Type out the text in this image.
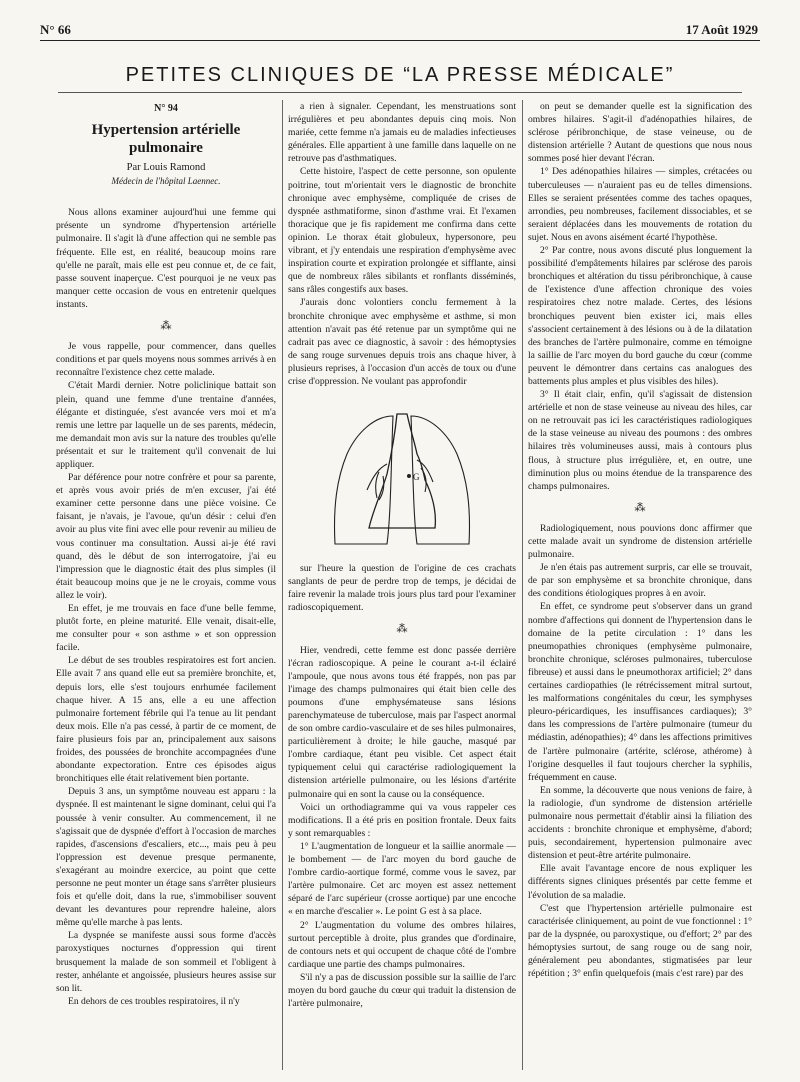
N° 66	17 Août 1929
PETITES CLINIQUES DE “LA PRESSE MÉDICALE”
N° 94
Hypertension artérielle pulmonaire
Par Louis Ramond
Médecin de l'hôpital Laennec.

Nous allons examiner aujourd'hui une femme qui présente un syndrome d'hypertension artérielle pulmonaire. Il s'agit là d'une affection qui ne semble pas fréquente. Elle est, en réalité, beaucoup moins rare qu'elle ne paraît, mais elle est peu connue et, de ce fait, passe souvent inaperçue. C'est pourquoi je ne veux pas manquer cette occasion de vous en entretenir quelques instants.

⁂

Je vous rappelle, pour commencer, dans quelles conditions et par quels moyens nous sommes arrivés à en reconnaître l'existence chez cette malade.

C'était Mardi dernier. Notre policlinique battait son plein, quand une femme d'une trentaine d'années, élégante et distinguée, s'est avancée vers moi et m'a remis une lettre par laquelle un de ses parents, médecin, me demandait mon avis sur la nature des troubles qu'elle présentait et sur le traitement qu'il convenait de lui appliquer.

Par déférence pour notre confrère et pour sa parente, et après vous avoir priés de m'en excuser, j'ai été examiner cette personne dans une pièce voisine. Ce faisant, je n'avais, je l'avoue, qu'un désir : celui d'en avoir au plus vite fini avec elle pour revenir au milieu de vous continuer ma consultation. Aussi ai-je été ravi quand, dès le début de son interrogatoire, j'ai eu l'impression que le diagnostic était des plus simples (il était beaucoup moins que je ne le croyais, comme vous allez le voir).

En effet, je me trouvais en face d'une belle femme, plutôt forte, en pleine maturité. Elle venait, disait-elle, me consulter pour « son asthme » et son oppression facile.

Le début de ses troubles respiratoires est fort ancien. Elle avait 7 ans quand elle eut sa première bronchite, et, depuis lors, elle s'est toujours enrhumée facilement chaque hiver. A 15 ans, elle a eu une affection pulmonaire fortement fébrile qui l'a tenue au lit pendant deux mois. Elle n'a pas cessé, à partir de ce moment, de faire plusieurs fois par an, principalement aux saisons froides, des poussées de bronchite accompagnées d'une abondante expectoration. Entre ces épisodes aigus bronchitiques elle était relativement bien portante.

Depuis 3 ans, un symptôme nouveau est apparu : la dyspnée. Il est maintenant le signe dominant, celui qui l'a poussée à venir consulter. Au commencement, il ne s'agissait que de dyspnée d'effort à l'occasion de marches rapides, d'ascensions d'escaliers, etc..., mais peu à peu l'oppression est devenue presque permanente, s'exagérant au moindre exercice, au point que cette personne ne peut monter un étage sans s'arrêter plusieurs fois et qu'elle doit, dans la rue, s'immobiliser souvent devant les devantures pour reprendre haleine, alors même qu'elle marche à pas lents.

La dyspnée se manifeste aussi sous forme d'accès paroxystiques nocturnes d'oppression qui tirent brusquement la malade de son sommeil et l'obligent à rester, anhélante et angoissée, plusieurs heures assise sur son lit.

En dehors de ces troubles respiratoires, il n'y

a rien à signaler. Cependant, les menstruations sont irrégulières et peu abondantes depuis cinq mois. Non mariée, cette femme n'a jamais eu de maladies infectieuses générales. Elle appartient à une famille dans laquelle on ne retrouve pas d'asthmatiques.

Cette histoire, l'aspect de cette personne, son opulente poitrine, tout m'orientait vers le diagnostic de bronchite chronique avec emphysème, compliquée de crises de dyspnée asthmatiforme, sinon d'asthme vrai. Et l'examen thoracique que je fis rapidement me confirma dans cette opinion. Le thorax était globuleux, hypersonore, peu vibrant, et j'y entendais une respiration d'emphysème avec inspiration courte et expiration prolongée et sifflante, ainsi que de nombreux râles sibilants et ronflants disséminés, sans râles congestifs aux bases.

J'aurais donc volontiers conclu fermement à la bronchite chronique avec emphysème et asthme, si mon attention n'avait pas été retenue par un symptôme qui ne cadrait pas avec ce diagnostic, à savoir : des hémoptysies de sang rouge survenues depuis trois ans chaque hiver, à plusieurs reprises, à l'occasion d'un accès de toux ou d'une crise d'oppression. Ne voulant pas approfondir

G

sur l'heure la question de l'origine de ces crachats sanglants de peur de perdre trop de temps, je décidai de faire revenir la malade trois jours plus tard pour l'examiner radioscopiquement.

⁂

Hier, vendredi, cette femme est donc passée derrière l'écran radioscopique. A peine le courant a-t-il éclairé l'ampoule, que nous avons tous été frappés, non pas par l'image des champs pulmonaires qui était bien celle des poumons d'une emphysémateuse sans lésions parenchymateuse de tuberculose, mais par l'aspect anormal de son ombre cardio-vasculaire et de ses hiles pulmonaires, particulièrement à droite; le hile gauche, masqué par l'ombre cardiaque, étant peu visible. Cet aspect était typiquement celui qui caractérise radiologiquement la distension artérielle pulmonaire, ou les lésions d'artérite pulmonaire qui en sont la cause ou la conséquence.

Voici un orthodiagramme qui va vous rappeler ces modifications. Il a été pris en position frontale. Deux faits y sont remarquables :

1° L'augmentation de longueur et la saillie anormale — le bombement — de l'arc moyen du bord gauche de l'ombre cardio-aortique formé, comme vous le savez, par l'artère pulmonaire. Cet arc moyen est assez nettement séparé de l'arc supérieur (crosse aortique) par une encoche « en marche d'escalier ». Le point G est à sa place.

2° L'augmentation du volume des ombres hilaires, surtout perceptible à droite, plus grandes que d'ordinaire, de contours nets et qui occupent de chaque côté de l'ombre cardiaque une partie des champs pulmonaires.

S'il n'y a pas de discussion possible sur la saillie de l'arc moyen du bord gauche du cœur qui traduit la distension de l'artère pulmonaire,

on peut se demander quelle est la signification des ombres hilaires. S'agit-il d'adénopathies hilaires, de sclérose péribronchique, de stase veineuse, ou de distension artérielle ? Autant de questions que nous nous sommes posé hier devant l'écran.

1° Des adénopathies hilaires — simples, crétacées ou tuberculeuses — n'auraient pas eu de telles dimensions. Elles se seraient présentées comme des taches opaques, arrondies, peu nombreuses, facilement dissociables, et se seraient déplacées dans les mouvements de rotation du sujet. Nous en avons aisément écarté l'hypothèse.

2° Par contre, nous avons discuté plus longuement la possibilité d'empâtements hilaires par sclérose des parois bronchiques et altération du tissu péribronchique, à cause de l'existence d'une affection chronique des voies respiratoires chez notre malade. Certes, des lésions bronchiques peuvent bien exister ici, mais elles s'associent certainement à des lésions ou à de la dilatation des branches de l'artère pulmonaire, comme en témoigne la saillie de l'arc moyen du bord gauche du cœur (comme peuvent le démontrer dans certains cas analogues des battements plus amples et plus visibles des hiles).

3° Il était clair, enfin, qu'il s'agissait de distension artérielle et non de stase veineuse au niveau des hiles, car on ne retrouvait pas ici les caractéristiques radiologiques de la stase veineuse au niveau des poumons : des ombres hilaires très volumineuses aussi, mais à contours plus flous, à structure plus irrégulière, et, en outre, une diminution plus ou moins étendue de la transparence des champs pulmonaires.

⁂

Radiologiquement, nous pouvions donc affirmer que cette malade avait un syndrome de distension artérielle pulmonaire.

Je n'en étais pas autrement surpris, car elle se trouvait, de par son emphysème et sa bronchite chronique, dans des conditions étiologiques propres à en avoir.

En effet, ce syndrome peut s'observer dans un grand nombre d'affections qui donnent de l'hypertension dans le domaine de la petite circulation : 1° dans les pneumopathies chroniques (emphysème pulmonaire, bronchite chronique, scléroses pulmonaires, tuberculose fibreuse) et aussi dans le pneumothorax artificiel; 2° dans certaines cardiopathies (le rétrécissement mitral surtout, les malformations congénitales du cœur, les symphyses pleuro-péricardiques, les insuffisances cardiaques); 3° dans les compressions de l'artère pulmonaire (tumeur du médiastin, adénopathies); 4° dans les affections primitives de l'artère pulmonaire (artérite, sclérose, athérome) à l'origine desquelles il faut toujours chercher la syphilis, fréquemment en cause.

En somme, la découverte que nous venions de faire, à la radiologie, d'un syndrome de distension artérielle pulmonaire nous permettait d'établir ainsi la filiation des accidents : bronchite chronique et emphysème, d'abord; puis, secondairement, hypertension pulmonaire avec distension et peut-être artérite pulmonaire.

Elle avait l'avantage encore de nous expliquer les différents signes cliniques présentés par cette femme et l'évolution de sa maladie.

C'est que l'hypertension artérielle pulmonaire est caractérisée cliniquement, au point de vue fonctionnel : 1° par de la dyspnée, ou paroxystique, ou d'effort; 2° par des hémoptysies surtout, de sang rouge ou de sang noir, généralement peu abondantes, stigmatisées par leur répétition ; 3° enfin quelquefois (mais c'est rare) par des
